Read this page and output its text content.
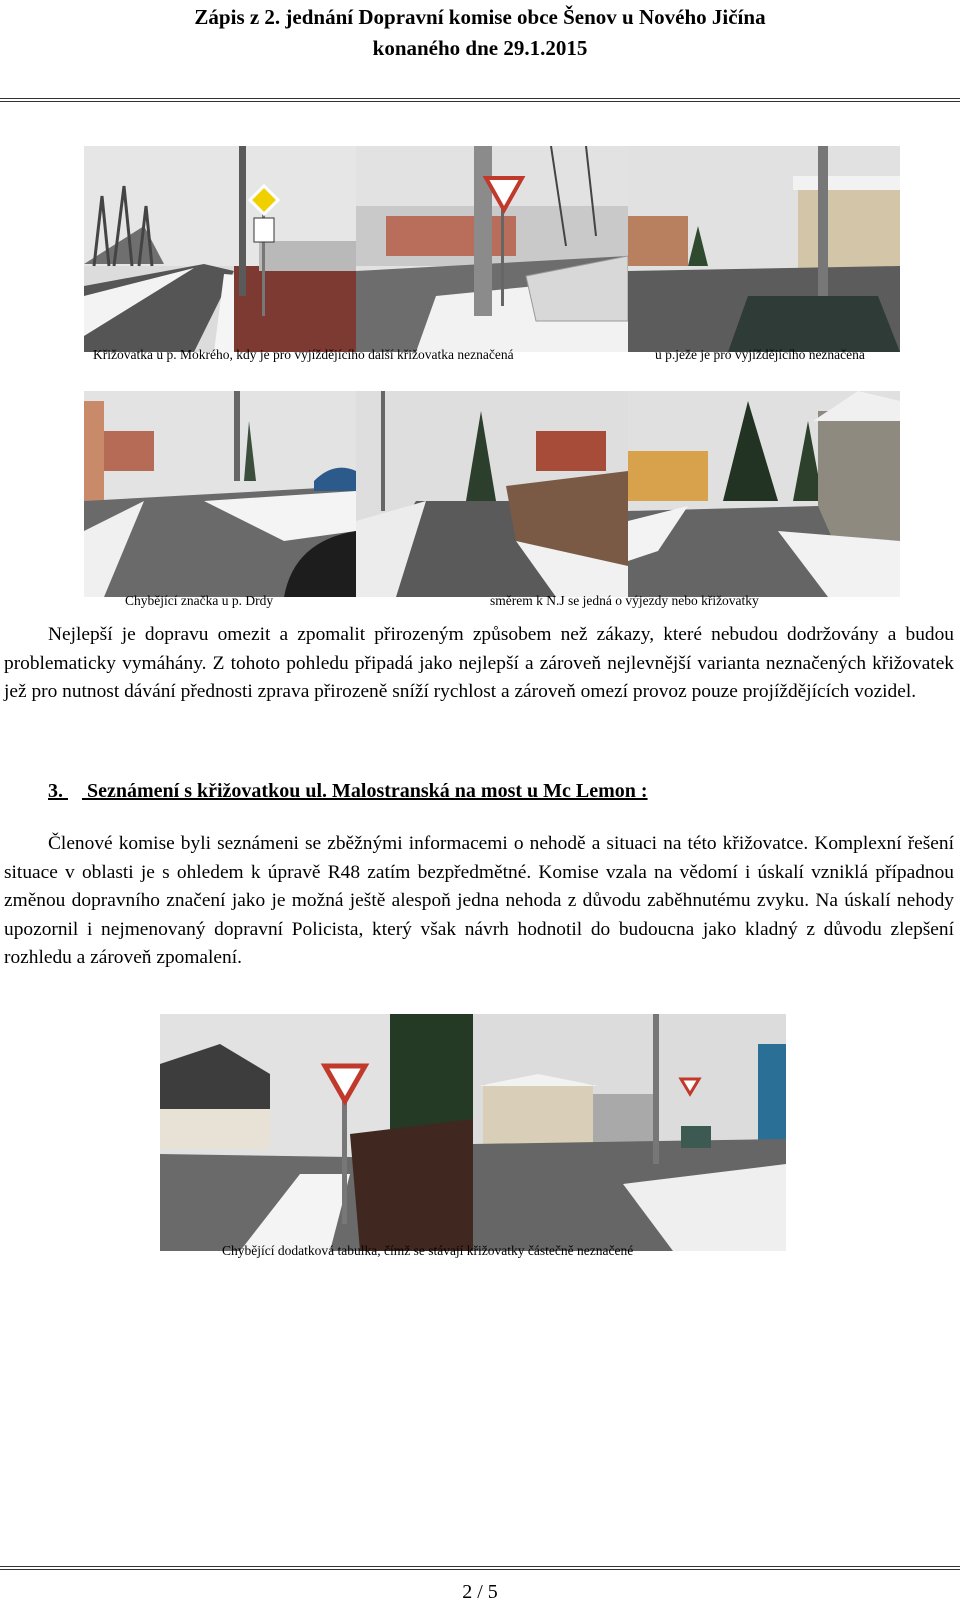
Zápis z 2. jednání Dopravní komise obce Šenov u Nového Jičína
konaného dne 29.1.2015
Křižovatka u p. Mokrého, kdy je pro vyjíždějícího další křižovatka neznačená	u p.ježe je pro vyjíždějícího neznačena
Chybějící značka u p. Drdy	směrem k N.J se jedná o výjezdy nebo křižovatky

Nejlepší je dopravu omezit a zpomalit přirozeným způsobem než zákazy, které nebudou dodržovány a budou problematicky vymáhány. Z tohoto pohledu připadá jako nejlepší a zároveň nejlevnější varianta neznačených křižovatek jež pro nutnost dávání přednosti zprava přirozeně sníží rychlost a zároveň omezí provoz pouze projíždějících vozidel.

3. Seznámení s křižovatkou ul. Malostranská na most u Mc Lemon :

Členové komise byli seznámeni se zběžnými informacemi o nehodě a situaci na této křižovatce. Komplexní řešení situace v oblasti je s ohledem k úpravě R48 zatím bezpředmětné. Komise vzala na vědomí i úskalí vzniklá případnou změnou dopravního značení jako je možná ještě alespoň jedna nehoda z důvodu zaběhnutému zvyku. Na úskalí nehody upozornil i nejmenovaný dopravní Policista, který však návrh hodnotil do budoucna jako kladný z důvodu zlepšení rozhledu a zároveň zpomalení.

Chybějící dodatková tabulka, čímž se stávají křižovatky částečně neznačené
2 / 5
